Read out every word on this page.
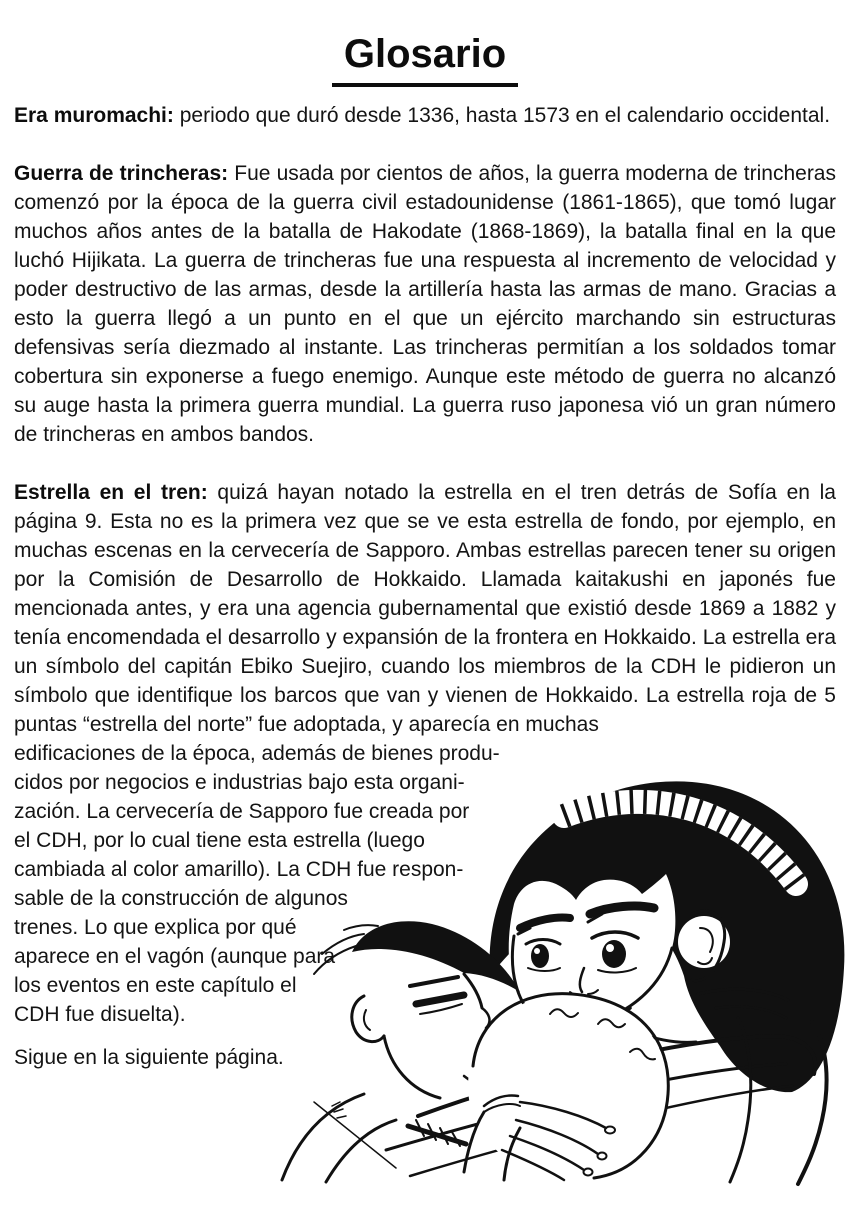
Glosario

Era muromachi: periodo que duró desde 1336, hasta 1573 en el calendario occidental.

Guerra de trincheras: Fue usada por cientos de años, la guerra moderna de trincheras comenzó por la época de la guerra civil estadounidense (1861-1865), que tomó lugar muchos años antes de la batalla de Hakodate (1868-1869), la batalla final en la que luchó Hijikata. La guerra de trincheras fue una respuesta al incremento de velocidad y poder destructivo de las armas, desde la artillería hasta las armas de mano. Gracias a esto la guerra llegó a un punto en el que un ejército marchando sin estructuras defensivas sería diezmado al instante. Las trincheras permitían a los soldados tomar cobertura sin exponerse a fuego enemigo. Aunque este método de guerra no alcanzó su auge hasta la primera guerra mundial. La guerra ruso japonesa vió un gran número de trincheras en ambos bandos.

Estrella en el tren: quizá hayan notado la estrella en el tren detrás de Sofía en la página 9. Esta no es la primera vez que se ve esta estrella de fondo, por ejemplo, en muchas escenas en la cervecería de Sapporo. Ambas estrellas parecen tener su origen por la Comisión de Desarrollo de Hokkaido. Llamada kaitakushi en japonés fue mencionada antes, y era una agencia gubernamental que existió desde 1869 a 1882 y tenía encomendada el desarrollo y expansión de la frontera en Hokkaido. La estrella era un símbolo del capitán Ebiko Suejiro, cuando los miembros de la CDH le pidieron un símbolo que identifique los barcos que van y vienen de Hokkaido. La estrella roja de 5 puntas “estrella del norte” fue adoptada, y aparecía en muchas

edificaciones de la época, además de bienes produ-
cidos por negocios e industrias bajo esta organi-
zación. La cervecería de Sapporo fue creada por
el CDH, por lo cual tiene esta estrella (luego
cambiada al color amarillo). La CDH fue respon-
sable de la construcción de algunos
trenes. Lo que explica por qué
aparece en el vagón (aunque para
los eventos en este capítulo el
CDH fue disuelta).

Sigue en la siguiente página.
